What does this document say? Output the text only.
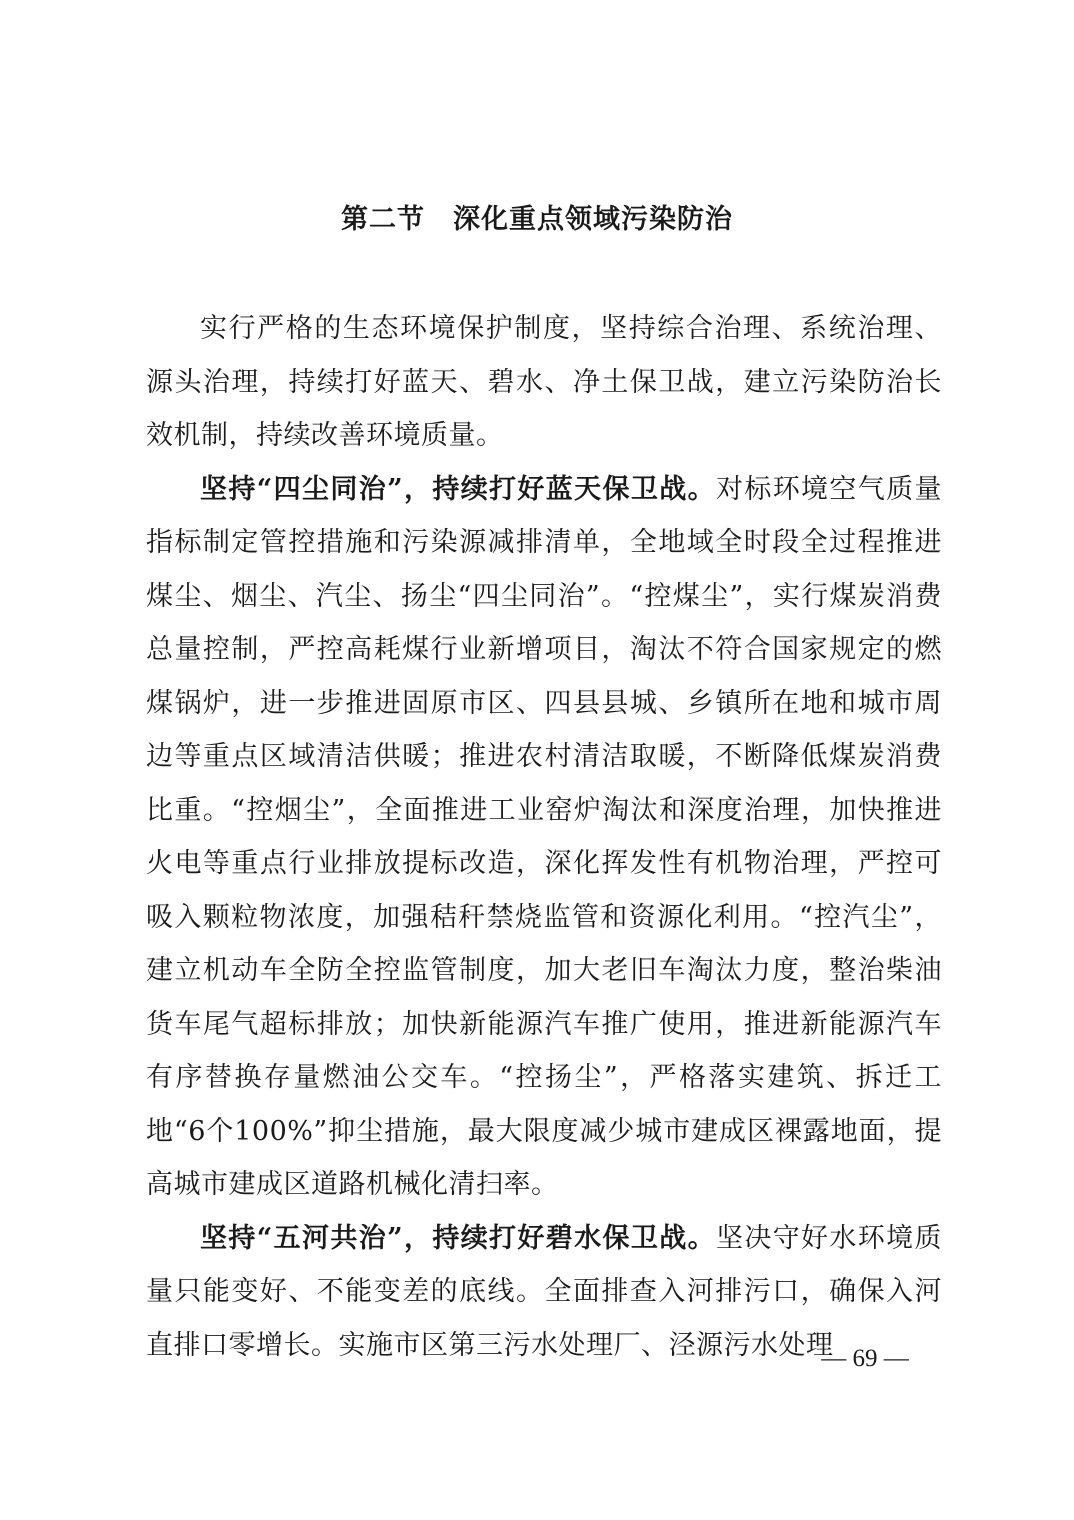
第二节　深化重点领域污染防治

实行严格的生态环境保护制度，坚持综合治理、系统治理、源头治理，持续打好蓝天、碧水、净土保卫战，建立污染防治长效机制，持续改善环境质量。

坚持“四尘同治”，持续打好蓝天保卫战。对标环境空气质量指标制定管控措施和污染源减排清单，全地域全时段全过程推进煤尘、烟尘、汽尘、扬尘“四尘同治”。“控煤尘”，实行煤炭消费总量控制，严控高耗煤行业新增项目，淘汰不符合国家规定的燃煤锅炉，进一步推进固原市区、四县县城、乡镇所在地和城市周边等重点区域清洁供暖；推进农村清洁取暖，不断降低煤炭消费比重。“控烟尘”，全面推进工业窑炉淘汰和深度治理，加快推进火电等重点行业排放提标改造，深化挥发性有机物治理，严控可吸入颗粒物浓度，加强秸秆禁烧监管和资源化利用。“控汽尘”，建立机动车全防全控监管制度，加大老旧车淘汰力度，整治柴油货车尾气超标排放；加快新能源汽车推广使用，推进新能源汽车有序替换存量燃油公交车。“控扬尘”，严格落实建筑、拆迁工地“6个100%”抑尘措施，最大限度减少城市建成区裸露地面，提高城市建成区道路机械化清扫率。

坚持“五河共治”，持续打好碧水保卫战。坚决守好水环境质量只能变好、不能变差的底线。全面排查入河排污口，确保入河直排口零增长。实施市区第三污水处理厂、泾源污水处理

— 69 —
